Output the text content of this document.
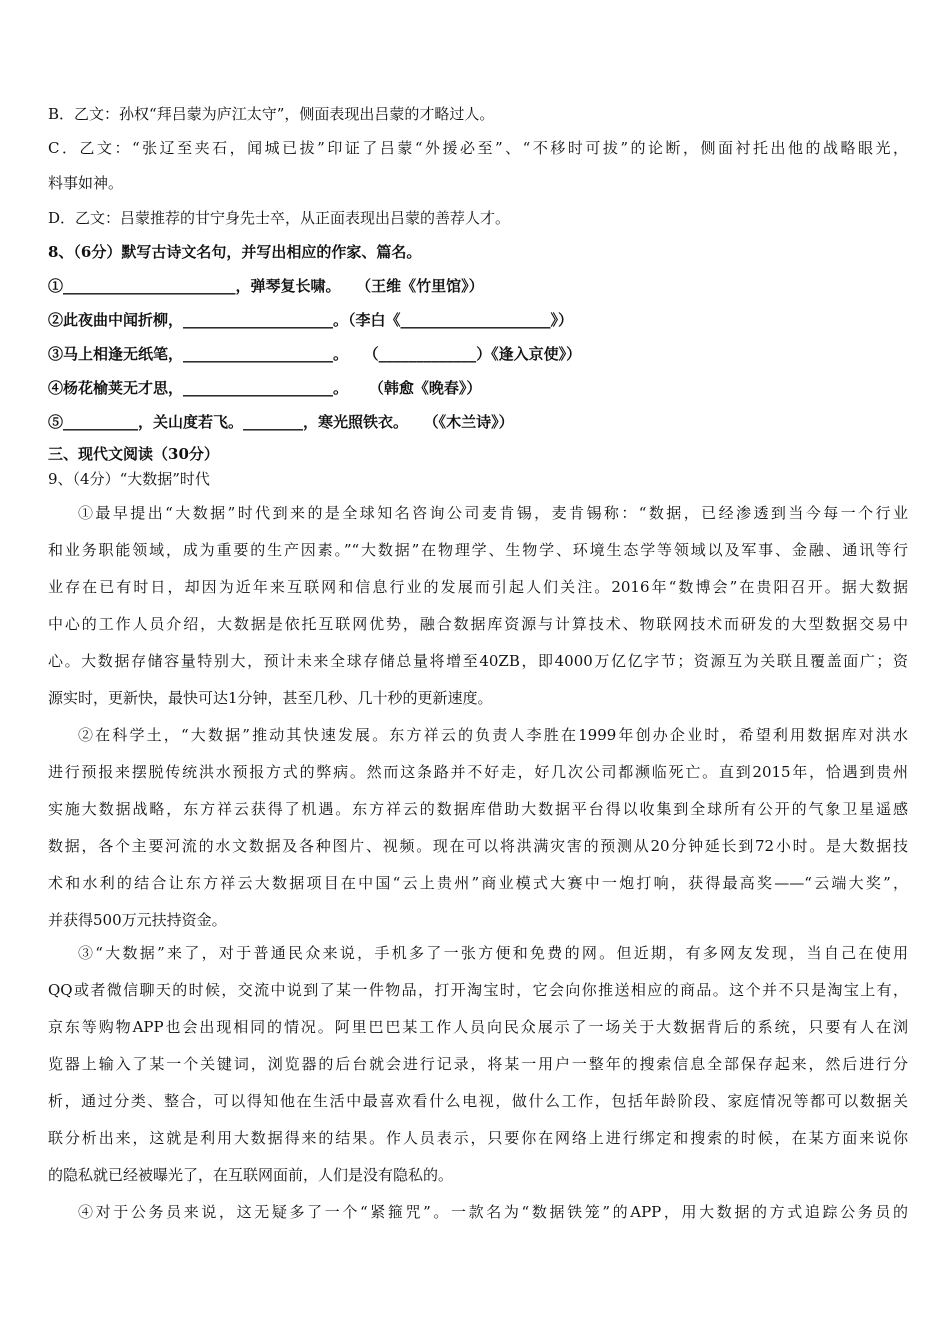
B．乙文：孙权“拜吕蒙为庐江太守”，侧面表现出吕蒙的才略过人。
C．乙文：“张辽至夹石，闻城已拔”印证了吕蒙“外援必至”、“不移时可拔”的论断，侧面衬托出他的战略眼光，
料事如神。
D．乙文：吕蒙推荐的甘宁身先士卒，从正面表现出吕蒙的善荐人才。
8、（6分）默写古诗文名句，并写出相应的作家、篇名。
①_______________________，弹琴复长啸。   （王维《竹里馆》）
②此夜曲中闻折柳，____________________。（李白《____________________》）
③马上相逢无纸笔，____________________。   （_____________）《逢入京使》）
④杨花榆荚无才思，____________________。    （韩愈《晚春》）
⑤__________，关山度若飞。________，寒光照铁衣。   （《木兰诗》）
三、现代文阅读（30分）
9、（4分）“大数据”时代
①最早提出“大数据”时代到来的是全球知名咨询公司麦肯锡，麦肯锡称：“数据，已经渗透到当今每一个行业
和业务职能领域，成为重要的生产因素。”“大数据”在物理学、生物学、环境生态学等领域以及军事、金融、通讯等行
业存在已有时日，却因为近年来互联网和信息行业的发展而引起人们关注。2016年“数博会”在贵阳召开。据大数据
中心的工作人员介绍，大数据是依托互联网优势，融合数据库资源与计算技术、物联网技术而研发的大型数据交易中
心。大数据存储容量特别大，预计未来全球存储总量将增至40ZB，即4000万亿亿字节；资源互为关联且覆盖面广；资
源实时，更新快，最快可达1分钟，甚至几秒、几十秒的更新速度。
②在科学土，“大数据”推动其快速发展。东方祥云的负责人李胜在1999年创办企业时，希望利用数据库对洪水
进行预报来摆脱传统洪水预报方式的弊病。然而这条路并不好走，好几次公司都濒临死亡。直到2015年，恰遇到贵州
实施大数据战略，东方祥云获得了机遇。东方祥云的数据库借助大数据平台得以收集到全球所有公开的气象卫星遥感
数据，各个主要河流的水文数据及各种图片、视频。现在可以将洪满灾害的预测从20分钟延长到72小时。是大数据技
术和水利的结合让东方祥云大数据项目在中国“云上贵州”商业模式大赛中一炮打响，获得最高奖——“云端大奖”，
并获得500万元扶持资金。
③“大数据”来了，对于普通民众来说，手机多了一张方便和免费的网。但近期，有多网友发现，当自己在使用
QQ或者微信聊天的时候，交流中说到了某一件物品，打开淘宝时，它会向你推送相应的商品。这个并不只是淘宝上有，
京东等购物APP也会出现相同的情况。阿里巴巴某工作人员向民众展示了一场关于大数据背后的系统，只要有人在浏
览器上输入了某一个关键词，浏览器的后台就会进行记录，将某一用户一整年的搜索信息全部保存起来，然后进行分
析，通过分类、整合，可以得知他在生活中最喜欢看什么电视，做什么工作，包括年龄阶段、家庭情况等都可以数据关
联分析出来，这就是利用大数据得来的结果。作人员表示，只要你在网络上进行绑定和搜索的时候，在某方面来说你
的隐私就已经被曝光了，在互联网面前，人们是没有隐私的。
④对于公务员来说，这无疑多了一个“紧箍咒”。一款名为“数据铁笼”的APP，用大数据的方式追踪公务员的
